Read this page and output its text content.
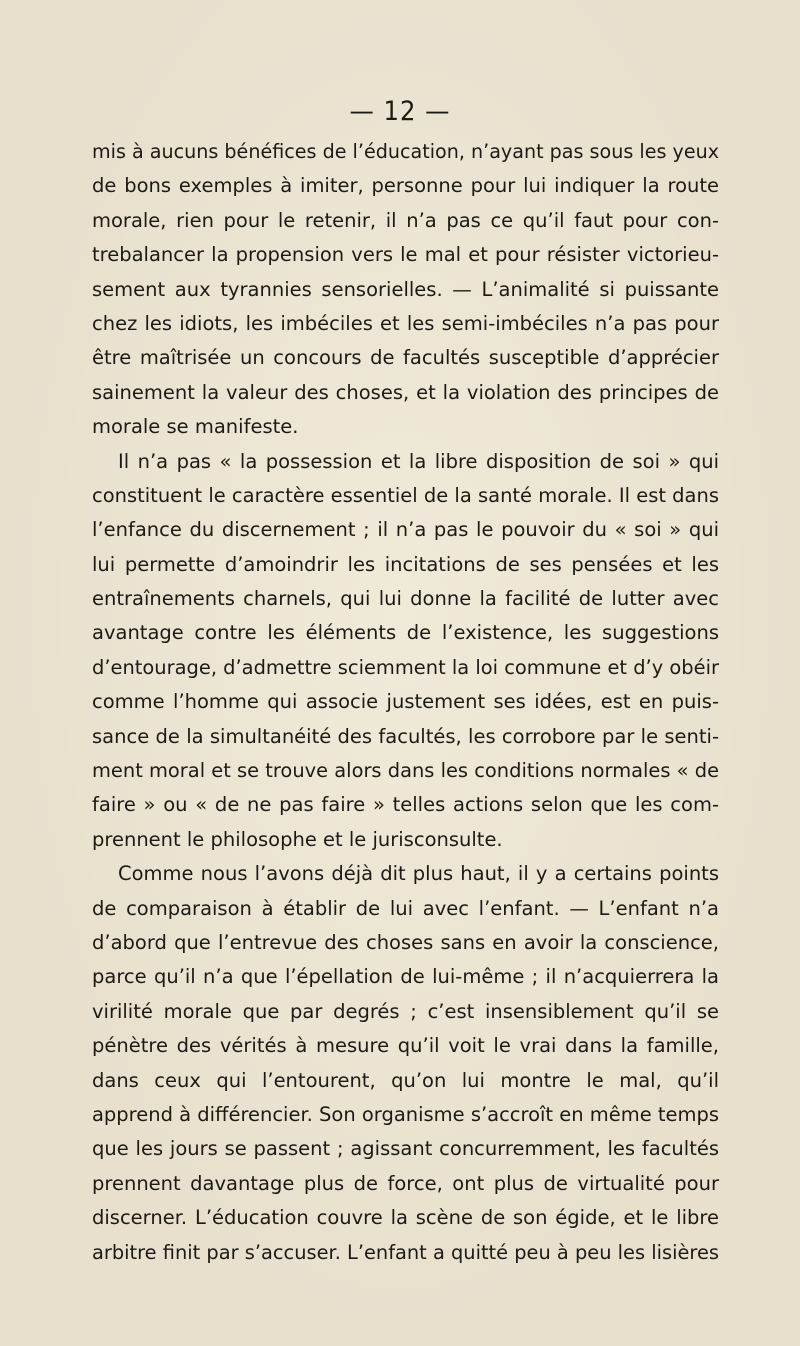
— 12 —
mis à aucuns bénéfices de l’éducation, n’ayant pas sous les yeux
de bons exemples à imiter, personne pour lui indiquer la route
morale, rien pour le retenir, il n’a pas ce qu’il faut pour con-
trebalancer la propension vers le mal et pour résister victorieu-
sement aux tyrannies sensorielles. — L’animalité si puissante
chez les idiots, les imbéciles et les semi-imbéciles n’a pas pour
être maîtrisée un concours de facultés susceptible d’apprécier
sainement la valeur des choses, et la violation des principes de
morale se manifeste.
Il n’a pas « la possession et la libre disposition de soi » qui
constituent le caractère essentiel de la santé morale. Il est dans
l’enfance du discernement ; il n’a pas le pouvoir du « soi » qui
lui permette d’amoindrir les incitations de ses pensées et les
entraînements charnels, qui lui donne la facilité de lutter avec
avantage contre les éléments de l’existence, les suggestions
d’entourage, d’admettre sciemment la loi commune et d’y obéir
comme l’homme qui associe justement ses idées, est en puis-
sance de la simultanéité des facultés, les corrobore par le senti-
ment moral et se trouve alors dans les conditions normales « de
faire » ou « de ne pas faire » telles actions selon que les com-
prennent le philosophe et le jurisconsulte.
Comme nous l’avons déjà dit plus haut, il y a certains points
de comparaison à établir de lui avec l’enfant. — L’enfant n’a
d’abord que l’entrevue des choses sans en avoir la conscience,
parce qu’il n’a que l’épellation de lui-même ; il n’acquierrera la
virilité morale que par degrés ; c’est insensiblement qu’il se
pénètre des vérités à mesure qu’il voit le vrai dans la famille,
dans ceux qui l’entourent, qu’on lui montre le mal, qu’il
apprend à différencier. Son organisme s’accroît en même temps
que les jours se passent ; agissant concurremment, les facultés
prennent davantage plus de force, ont plus de virtualité pour
discerner. L’éducation couvre la scène de son égide, et le libre
arbitre finit par s’accuser. L’enfant a quitté peu à peu les lisières
